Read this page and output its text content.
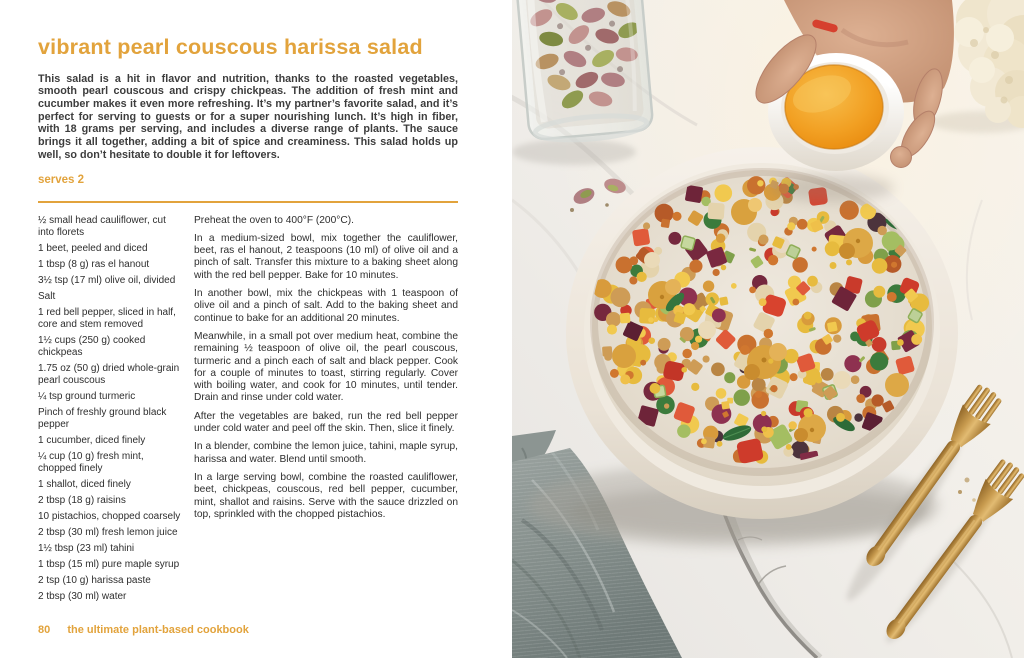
vibrant pearl couscous harissa salad

This salad is a hit in flavor and nutrition, thanks to the roasted vegetables, smooth pearl couscous and crispy chickpeas. The addition of fresh mint and cucumber makes it even more refreshing. It’s my partner’s favorite salad, and it’s perfect for serving to guests or for a super nourishing lunch. It’s high in fiber, with 18 grams per serving, and includes a diverse range of plants. The sauce brings it all together, adding a bit of spice and creaminess. This salad holds up well, so don’t hesitate to double it for leftovers.

serves 2
½ small head cauliflower, cut into florets
1 beet, peeled and diced
1 tbsp (8 g) ras el hanout
3½ tsp (17 ml) olive oil, divided
Salt
1 red bell pepper, sliced in half, core and stem removed
1½ cups (250 g) cooked chickpeas
1.75 oz (50 g) dried whole-grain pearl couscous
¼ tsp ground turmeric
Pinch of freshly ground black pepper
1 cucumber, diced finely
¼ cup (10 g) fresh mint, chopped finely
1 shallot, diced finely
2 tbsp (18 g) raisins
10 pistachios, chopped coarsely
2 tbsp (30 ml) fresh lemon juice
1½ tbsp (23 ml) tahini
1 tbsp (15 ml) pure maple syrup
2 tsp (10 g) harissa paste
2 tbsp (30 ml) water

Preheat the oven to 400°F (200°C).

In a medium-sized bowl, mix together the cauliflower, beet, ras el hanout, 2 teaspoons (10 ml) of olive oil and a pinch of salt. Transfer this mixture to a baking sheet along with the red bell pepper. Bake for 10 minutes.

In another bowl, mix the chickpeas with 1 teaspoon of olive oil and a pinch of salt. Add to the baking sheet and continue to bake for an additional 20 minutes.

Meanwhile, in a small pot over medium heat, combine the remaining ½ teaspoon of olive oil, the pearl couscous, turmeric and a pinch each of salt and black pepper. Cook for a couple of minutes to toast, stirring regularly. Cover with boiling water, and cook for 10 minutes, until tender. Drain and rinse under cold water.

After the vegetables are baked, run the red bell pepper under cold water and peel off the skin. Then, slice it finely.

In a blender, combine the lemon juice, tahini, maple syrup, harissa and water. Blend until smooth.

In a large serving bowl, combine the roasted cauliflower, beet, chickpeas, couscous, red bell pepper, cucumber, mint, shallot and raisins. Serve with the sauce drizzled on top, sprinkled with the chopped pistachios.

80 the ultimate plant-based cookbook
